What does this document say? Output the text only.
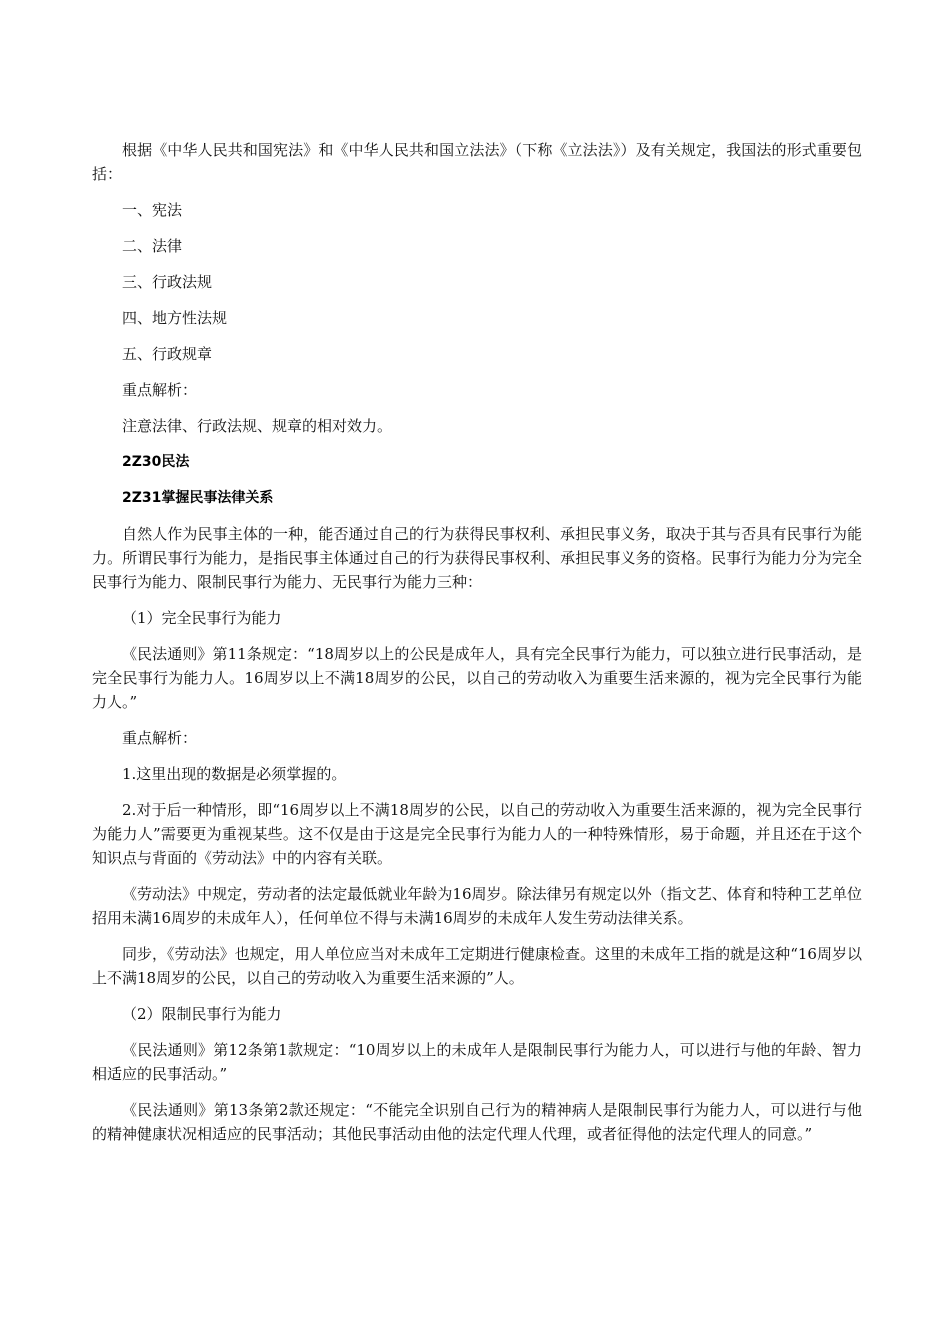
根据《中华人民共和国宪法》和《中华人民共和国立法法》（下称《立法法》）及有关规定，我国法的形式重要包括：

一、宪法

二、法律

三、行政法规

四、地方性法规

五、行政规章

重点解析：

注意法律、行政法规、规章的相对效力。

2Z30民法

2Z31掌握民事法律关系

自然人作为民事主体的一种，能否通过自己的行为获得民事权利、承担民事义务，取决于其与否具有民事行为能力。所谓民事行为能力，是指民事主体通过自己的行为获得民事权利、承担民事义务的资格。民事行为能力分为完全民事行为能力、限制民事行为能力、无民事行为能力三种：

（1）完全民事行为能力

《民法通则》第11条规定：“18周岁以上的公民是成年人，具有完全民事行为能力，可以独立进行民事活动，是完全民事行为能力人。16周岁以上不满18周岁的公民，以自己的劳动收入为重要生活来源的，视为完全民事行为能力人。”

重点解析：

1.这里出现的数据是必须掌握的。

2.对于后一种情形，即“16周岁以上不满18周岁的公民，以自己的劳动收入为重要生活来源的，视为完全民事行为能力人”需要更为重视某些。这不仅是由于这是完全民事行为能力人的一种特殊情形，易于命题，并且还在于这个知识点与背面的《劳动法》中的内容有关联。

《劳动法》中规定，劳动者的法定最低就业年龄为16周岁。除法律另有规定以外（指文艺、体育和特种工艺单位招用未满16周岁的未成年人），任何单位不得与未满16周岁的未成年人发生劳动法律关系。

同步，《劳动法》也规定，用人单位应当对未成年工定期进行健康检查。这里的未成年工指的就是这种“16周岁以上不满18周岁的公民，以自己的劳动收入为重要生活来源的”人。

（2）限制民事行为能力

《民法通则》第12条第1款规定：“10周岁以上的未成年人是限制民事行为能力人，可以进行与他的年龄、智力相适应的民事活动。”

《民法通则》第13条第2款还规定：“不能完全识别自己行为的精神病人是限制民事行为能力人，可以进行与他的精神健康状况相适应的民事活动；其他民事活动由他的法定代理人代理，或者征得他的法定代理人的同意。”
